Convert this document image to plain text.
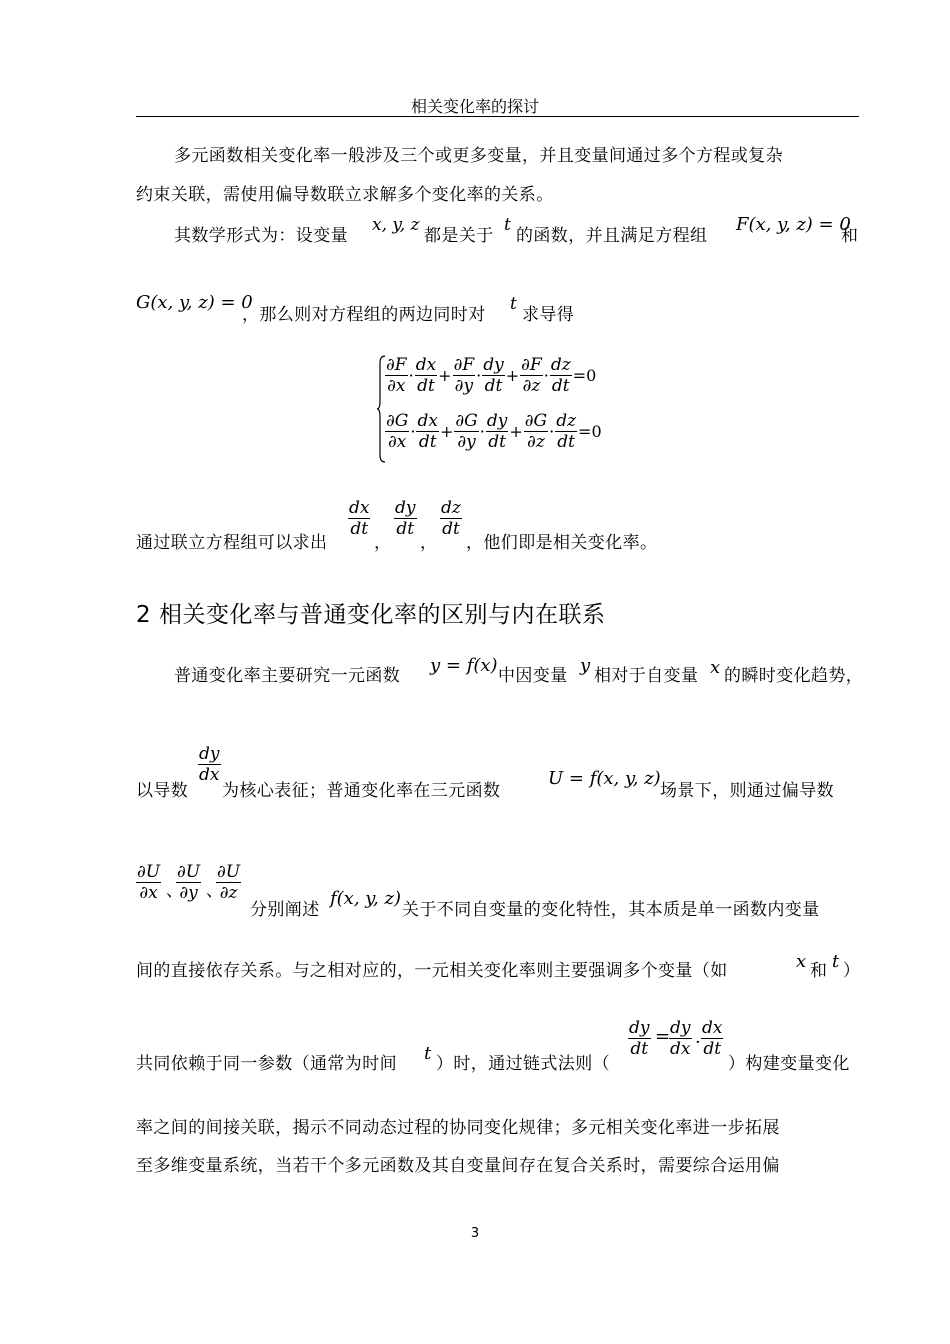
相关变化率的探讨
多元函数相关变化率一般涉及三个或更多变量，并且变量间通过多个方程或复杂
约束关联，需使用偏导数联立求解多个变化率的关系。
其数学形式为：设变量
x, y, z
都是关于
t
的函数，并且满足方程组
F(x, y, z) = 0
和
G(x, y, z) = 0
，那么则对方程组的两边同时对
t
求导得
$\frac{\partial F}{\partial x} \cdot \frac{dx}{dt} + \frac{\partial F}{\partial y} \cdot \frac{dy}{dt} + \frac{\partial F}{\partial z} \cdot \frac{dz}{dt} =0$
$\frac{\partial G}{\partial x} \cdot \frac{dx}{dt} + \frac{\partial G}{\partial y} \cdot \frac{dy}{dt} + \frac{\partial G}{\partial z} \cdot \frac{dz}{dt} =0$
通过联立方程组可以求出
$\frac{dx}{dt}$
，
$\frac{dy}{dt}$
，
$\frac{dz}{dt}$
，他们即是相关变化率。
2 相关变化率与普通变化率的区别与内在联系
普通变化率主要研究一元函数 y = f(x) 中因变量 y 相对于自变量 x 的瞬时变化趋势，
以导数
$\frac{dy}{dx}$
为核心表征；普通变化率在三元函数
U = f(x, y, z)
场景下，则通过偏导数
$\frac{\partial U}{\partial x}$ 、
$\frac{\partial U}{\partial y}$ 、
$\frac{\partial U}{\partial z}$
分别阐述
f(x, y, z)
关于不同自变量的变化特性，其本质是单一函数内变量
间的直接依存关系。与之相对应的，一元相关变化率则主要强调多个变量（如	x 和 t ）
共同依赖于同一参数（通常为时间 t ）时，通过链式法则（
$\frac{dy}{dt}$ =
$\frac{dy}{dx} \cdot \frac{dx}{dt}$
）构建变量变化
率之间的间接关联，揭示不同动态过程的协同变化规律；多元相关变化率进一步拓展
至多维变量系统，当若干个多元函数及其自变量间存在复合关系时，需要综合运用偏
3
